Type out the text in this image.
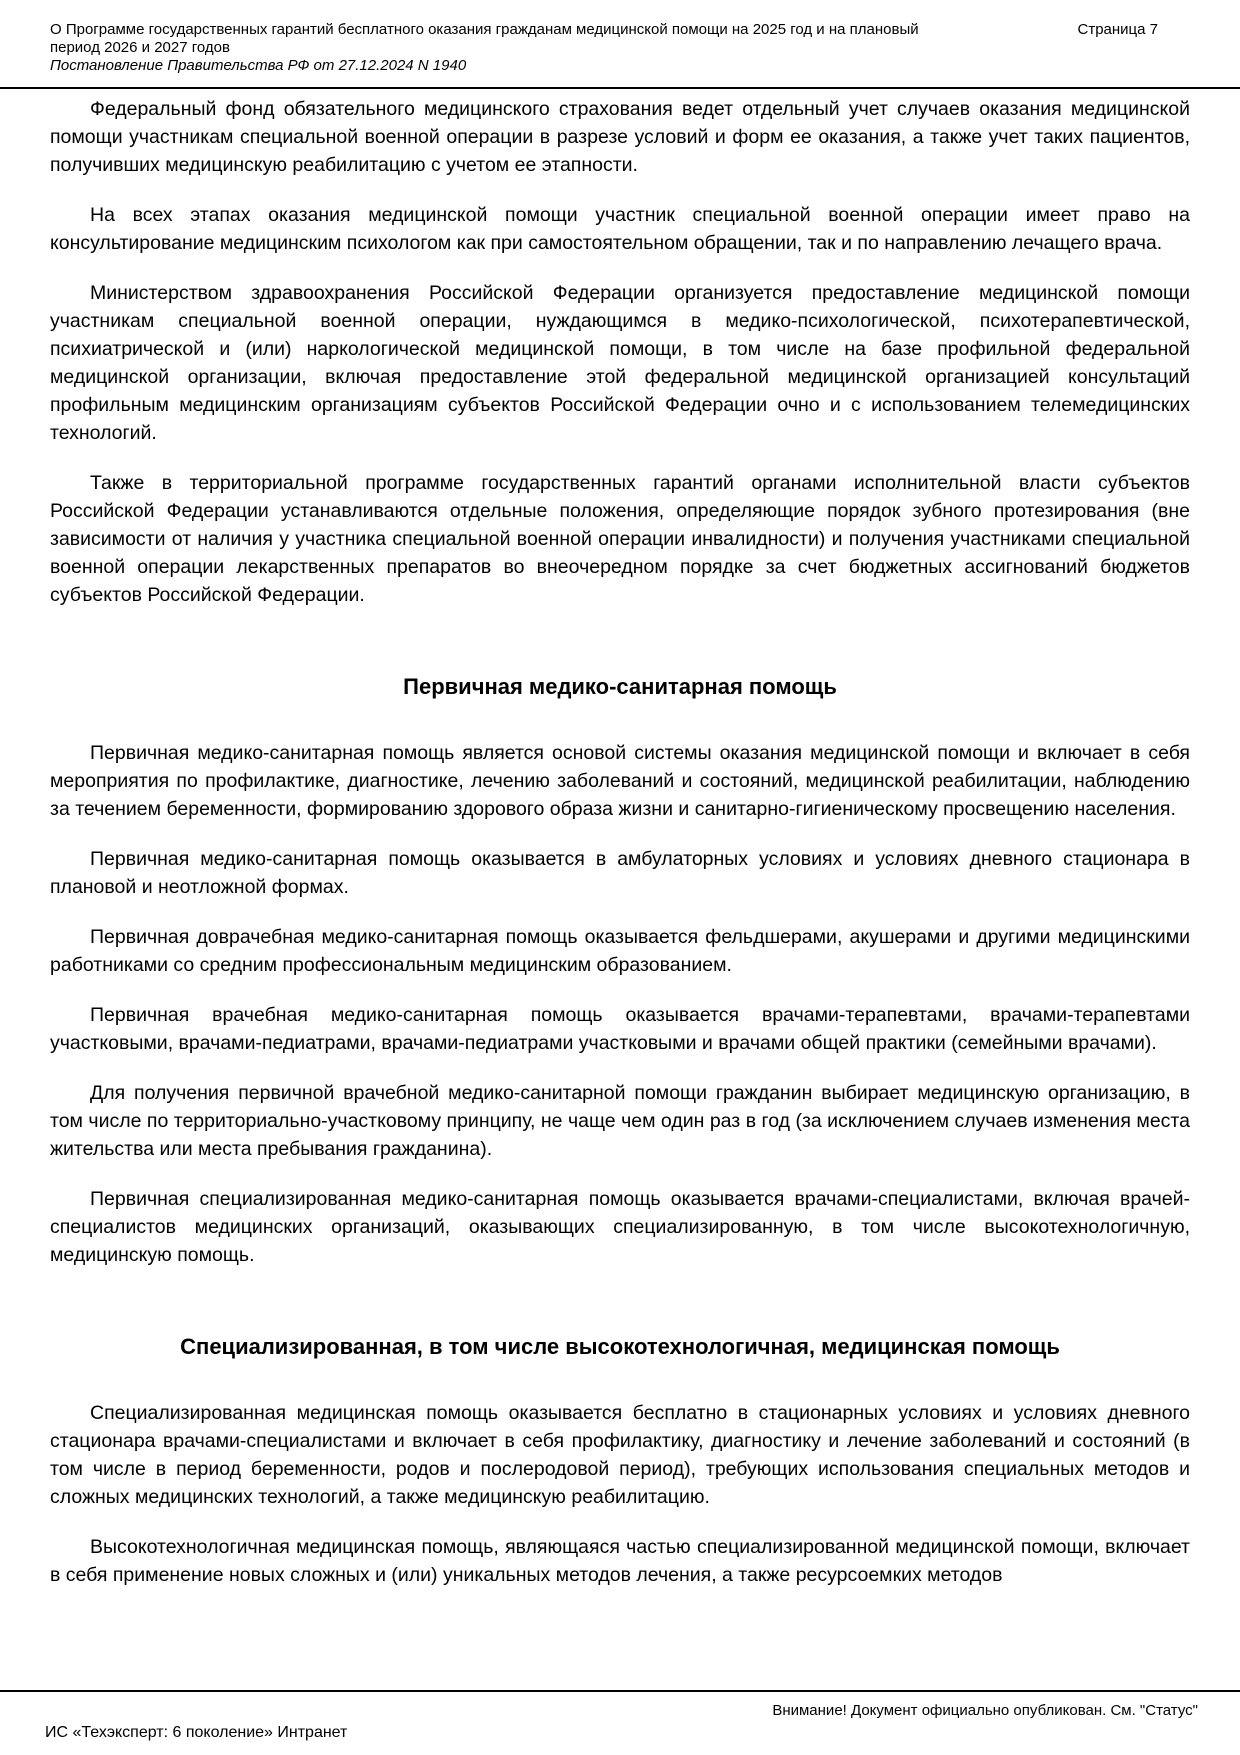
О Программе государственных гарантий бесплатного оказания гражданам медицинской помощи на 2025 год и на плановый период 2026 и 2027 годов
Страница 7
Постановление Правительства РФ от 27.12.2024 N 1940

Федеральный фонд обязательного медицинского страхования ведет отдельный учет случаев оказания медицинской помощи участникам специальной военной операции в разрезе условий и форм ее оказания, а также учет таких пациентов, получивших медицинскую реабилитацию с учетом ее этапности.

На всех этапах оказания медицинской помощи участник специальной военной операции имеет право на консультирование медицинским психологом как при самостоятельном обращении, так и по направлению лечащего врача.

Министерством здравоохранения Российской Федерации организуется предоставление медицинской помощи участникам специальной военной операции, нуждающимся в медико-психологической, психотерапевтической, психиатрической и (или) наркологической медицинской помощи, в том числе на базе профильной федеральной медицинской организации, включая предоставление этой федеральной медицинской организацией консультаций профильным медицинским организациям субъектов Российской Федерации очно и с использованием телемедицинских технологий.

Также в территориальной программе государственных гарантий органами исполнительной власти субъектов Российской Федерации устанавливаются отдельные положения, определяющие порядок зубного протезирования (вне зависимости от наличия у участника специальной военной операции инвалидности) и получения участниками специальной военной операции лекарственных препаратов во внеочередном порядке за счет бюджетных ассигнований бюджетов субъектов Российской Федерации.

Первичная медико-санитарная помощь

Первичная медико-санитарная помощь является основой системы оказания медицинской помощи и включает в себя мероприятия по профилактике, диагностике, лечению заболеваний и состояний, медицинской реабилитации, наблюдению за течением беременности, формированию здорового образа жизни и санитарно-гигиеническому просвещению населения.

Первичная медико-санитарная помощь оказывается в амбулаторных условиях и условиях дневного стационара в плановой и неотложной формах.

Первичная доврачебная медико-санитарная помощь оказывается фельдшерами, акушерами и другими медицинскими работниками со средним профессиональным медицинским образованием.

Первичная врачебная медико-санитарная помощь оказывается врачами-терапевтами, врачами-терапевтами участковыми, врачами-педиатрами, врачами-педиатрами участковыми и врачами общей практики (семейными врачами).

Для получения первичной врачебной медико-санитарной помощи гражданин выбирает медицинскую организацию, в том числе по территориально-участковому принципу, не чаще чем один раз в год (за исключением случаев изменения места жительства или места пребывания гражданина).

Первичная специализированная медико-санитарная помощь оказывается врачами-специалистами, включая врачей-специалистов медицинских организаций, оказывающих специализированную, в том числе высокотехнологичную, медицинскую помощь.

Специализированная, в том числе высокотехнологичная, медицинская помощь

Специализированная медицинская помощь оказывается бесплатно в стационарных условиях и условиях дневного стационара врачами-специалистами и включает в себя профилактику, диагностику и лечение заболеваний и состояний (в том числе в период беременности, родов и послеродовой период), требующих использования специальных методов и сложных медицинских технологий, а также медицинскую реабилитацию.

Высокотехнологичная медицинская помощь, являющаяся частью специализированной медицинской помощи, включает в себя применение новых сложных и (или) уникальных методов лечения, а также ресурсоемких методов

Внимание! Документ официально опубликован. См. "Статус"
ИС «Техэксперт: 6 поколение» Интранет
